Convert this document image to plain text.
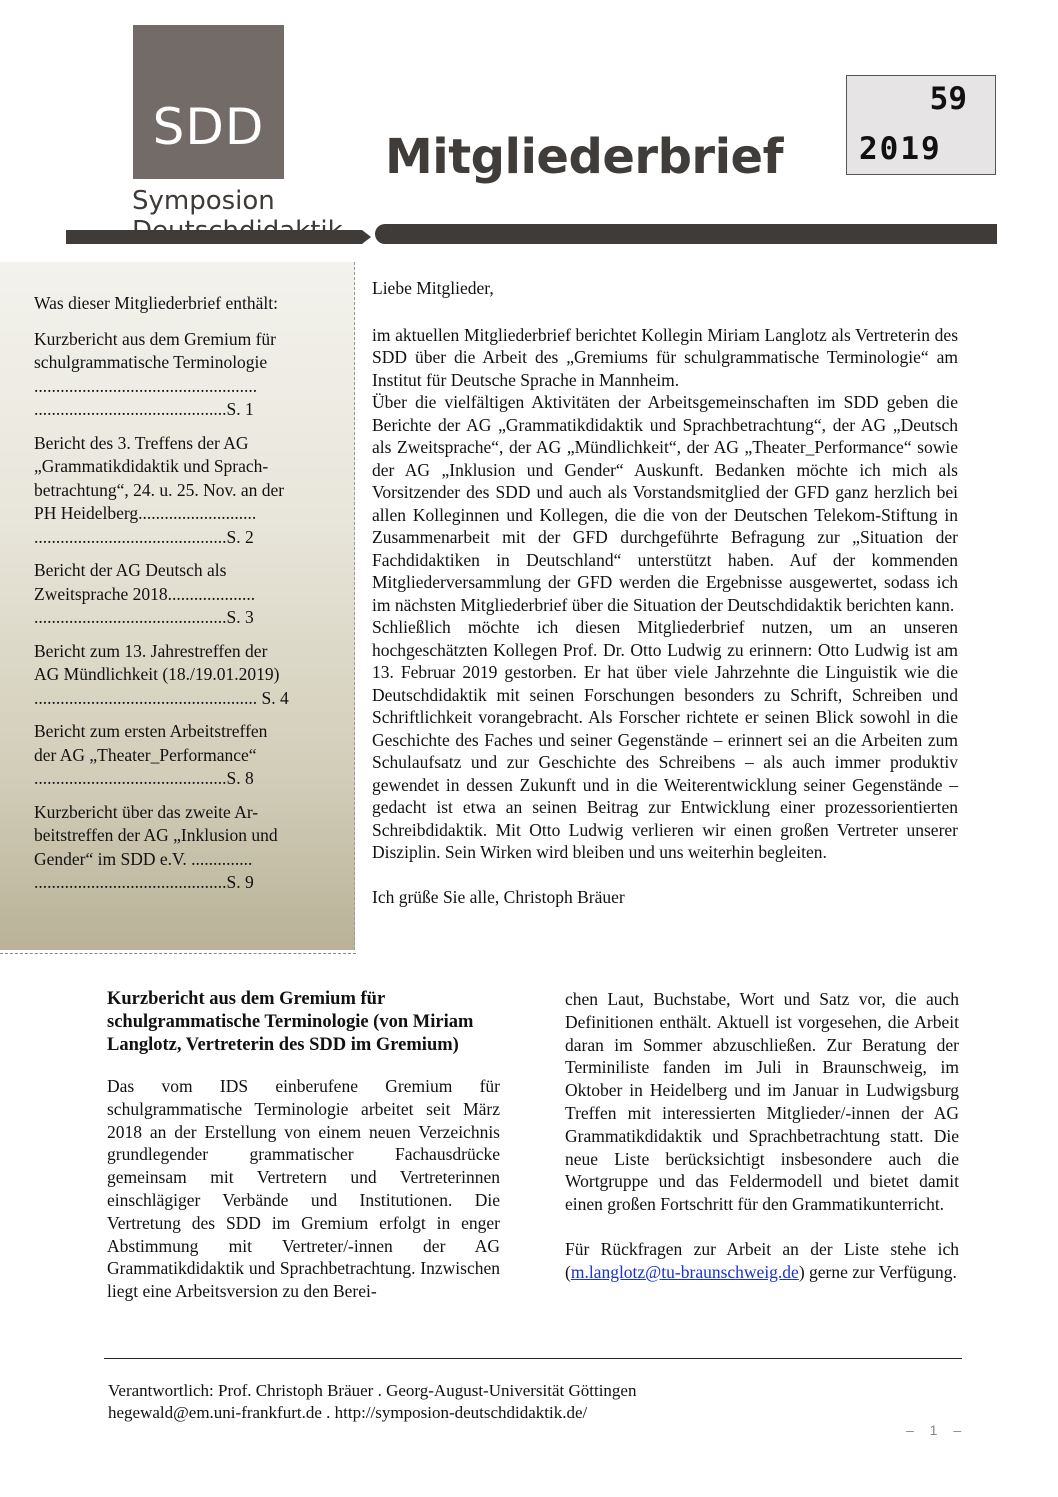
SDD
Symposion
Mitgliederbrief
59
2019
Was dieser Mitgliederbrief enthält:
Kurzbericht aus dem Gremium für
schulgrammatische Terminologie
...................................................
............................................S. 1
Bericht des 3. Treffens der AG
„Grammatikdidaktik und Sprach-
betrachtung“, 24. u. 25. Nov. an der
PH Heidelberg...........................
............................................S. 2
Bericht der AG Deutsch als
Zweitsprache 2018....................
............................................S. 3
Bericht zum 13. Jahrestreffen der
AG Mündlichkeit (18./19.01.2019)
................................................... S. 4
Bericht zum ersten Arbeitstreffen
der AG „Theater_Performance“
............................................S. 8
Kurzbericht über das zweite Ar-
beitstreffen der AG „Inklusion und
Gender“ im SDD e.V. ..............
............................................S. 9

Liebe Mitglieder,

im aktuellen Mitgliederbrief berichtet Kollegin Miriam Langlotz als Vertreterin des SDD über die Arbeit des „Gremiums für schulgrammatische Terminologie“ am Institut für Deutsche Sprache in Mannheim.
Über die vielfältigen Aktivitäten der Arbeitsgemeinschaften im SDD geben die Berichte der AG „Grammatikdidaktik und Sprachbetrachtung“, der AG „Deutsch als Zweitsprache“, der AG „Mündlichkeit“, der AG „Theater_Performance“ sowie der AG „Inklusion und Gender“ Auskunft. Bedanken möchte ich mich als Vorsitzender des SDD und auch als Vorstandsmitglied der GFD ganz herzlich bei allen Kolleginnen und Kollegen, die die von der Deutschen Telekom-Stiftung in Zusammenarbeit mit der GFD durchgeführte Befragung zur „Situation der Fachdidaktiken in Deutschland“ unterstützt haben. Auf der kommenden Mitgliederversammlung der GFD werden die Ergebnisse ausgewertet, sodass ich im nächsten Mitgliederbrief über die Situation der Deutschdidaktik berichten kann.
Schließlich möchte ich diesen Mitgliederbrief nutzen, um an unseren hochgeschätzten Kollegen Prof. Dr. Otto Ludwig zu erinnern: Otto Ludwig ist am 13. Februar 2019 gestorben. Er hat über viele Jahrzehnte die Linguistik wie die Deutschdidaktik mit seinen Forschungen besonders zu Schrift, Schreiben und Schriftlichkeit vorangebracht. Als Forscher richtete er seinen Blick sowohl in die Geschichte des Faches und seiner Gegenstände – erinnert sei an die Arbeiten zum Schulaufsatz und zur Geschichte des Schreibens – als auch immer produktiv gewendet in dessen Zukunft und in die Weiterentwicklung seiner Gegenstände – gedacht ist etwa an seinen Beitrag zur Entwicklung einer prozessorientierten Schreibdidaktik. Mit Otto Ludwig verlieren wir einen großen Vertreter unserer Disziplin. Sein Wirken wird bleiben und uns weiterhin begleiten.

Ich grüße Sie alle, Christoph Bräuer

Kurzbericht aus dem Gremium für schulgrammatische Terminologie (von Miriam Langlotz, Vertreterin des SDD im Gremium)

Das vom IDS einberufene Gremium für schulgrammatische Terminologie arbeitet seit März 2018 an der Erstellung von einem neuen Verzeichnis grundlegender grammatischer Fachausdrücke gemeinsam mit Vertretern und Vertreterinnen einschlägiger Verbände und Institutionen. Die Vertretung des SDD im Gremium erfolgt in enger Abstimmung mit Vertreter/-innen der AG Grammatikdidaktik und Sprachbetrachtung. Inzwischen liegt eine Arbeitsversion zu den Berei-

chen Laut, Buchstabe, Wort und Satz vor, die auch Definitionen enthält. Aktuell ist vorgesehen, die Arbeit daran im Sommer abzuschließen. Zur Beratung der Terminiliste fanden im Juli in Braunschweig, im Oktober in Heidelberg und im Januar in Ludwigsburg Treffen mit interessierten Mitglieder/-innen der AG Grammatikdidaktik und Sprachbetrachtung statt. Die neue Liste berücksichtigt insbesondere auch die Wortgruppe und das Feldermodell und bietet damit einen großen Fortschritt für den Grammatikunterricht.

Für Rückfragen zur Arbeit an der Liste stehe ich (m.langlotz@tu-braunschweig.de) gerne zur Verfügung.

Verantwortlich: Prof. Christoph Bräuer . Georg-August-Universität Göttingen
hegewald@em.uni-frankfurt.de . http://symposion-deutschdidaktik.de/
– 1 –
